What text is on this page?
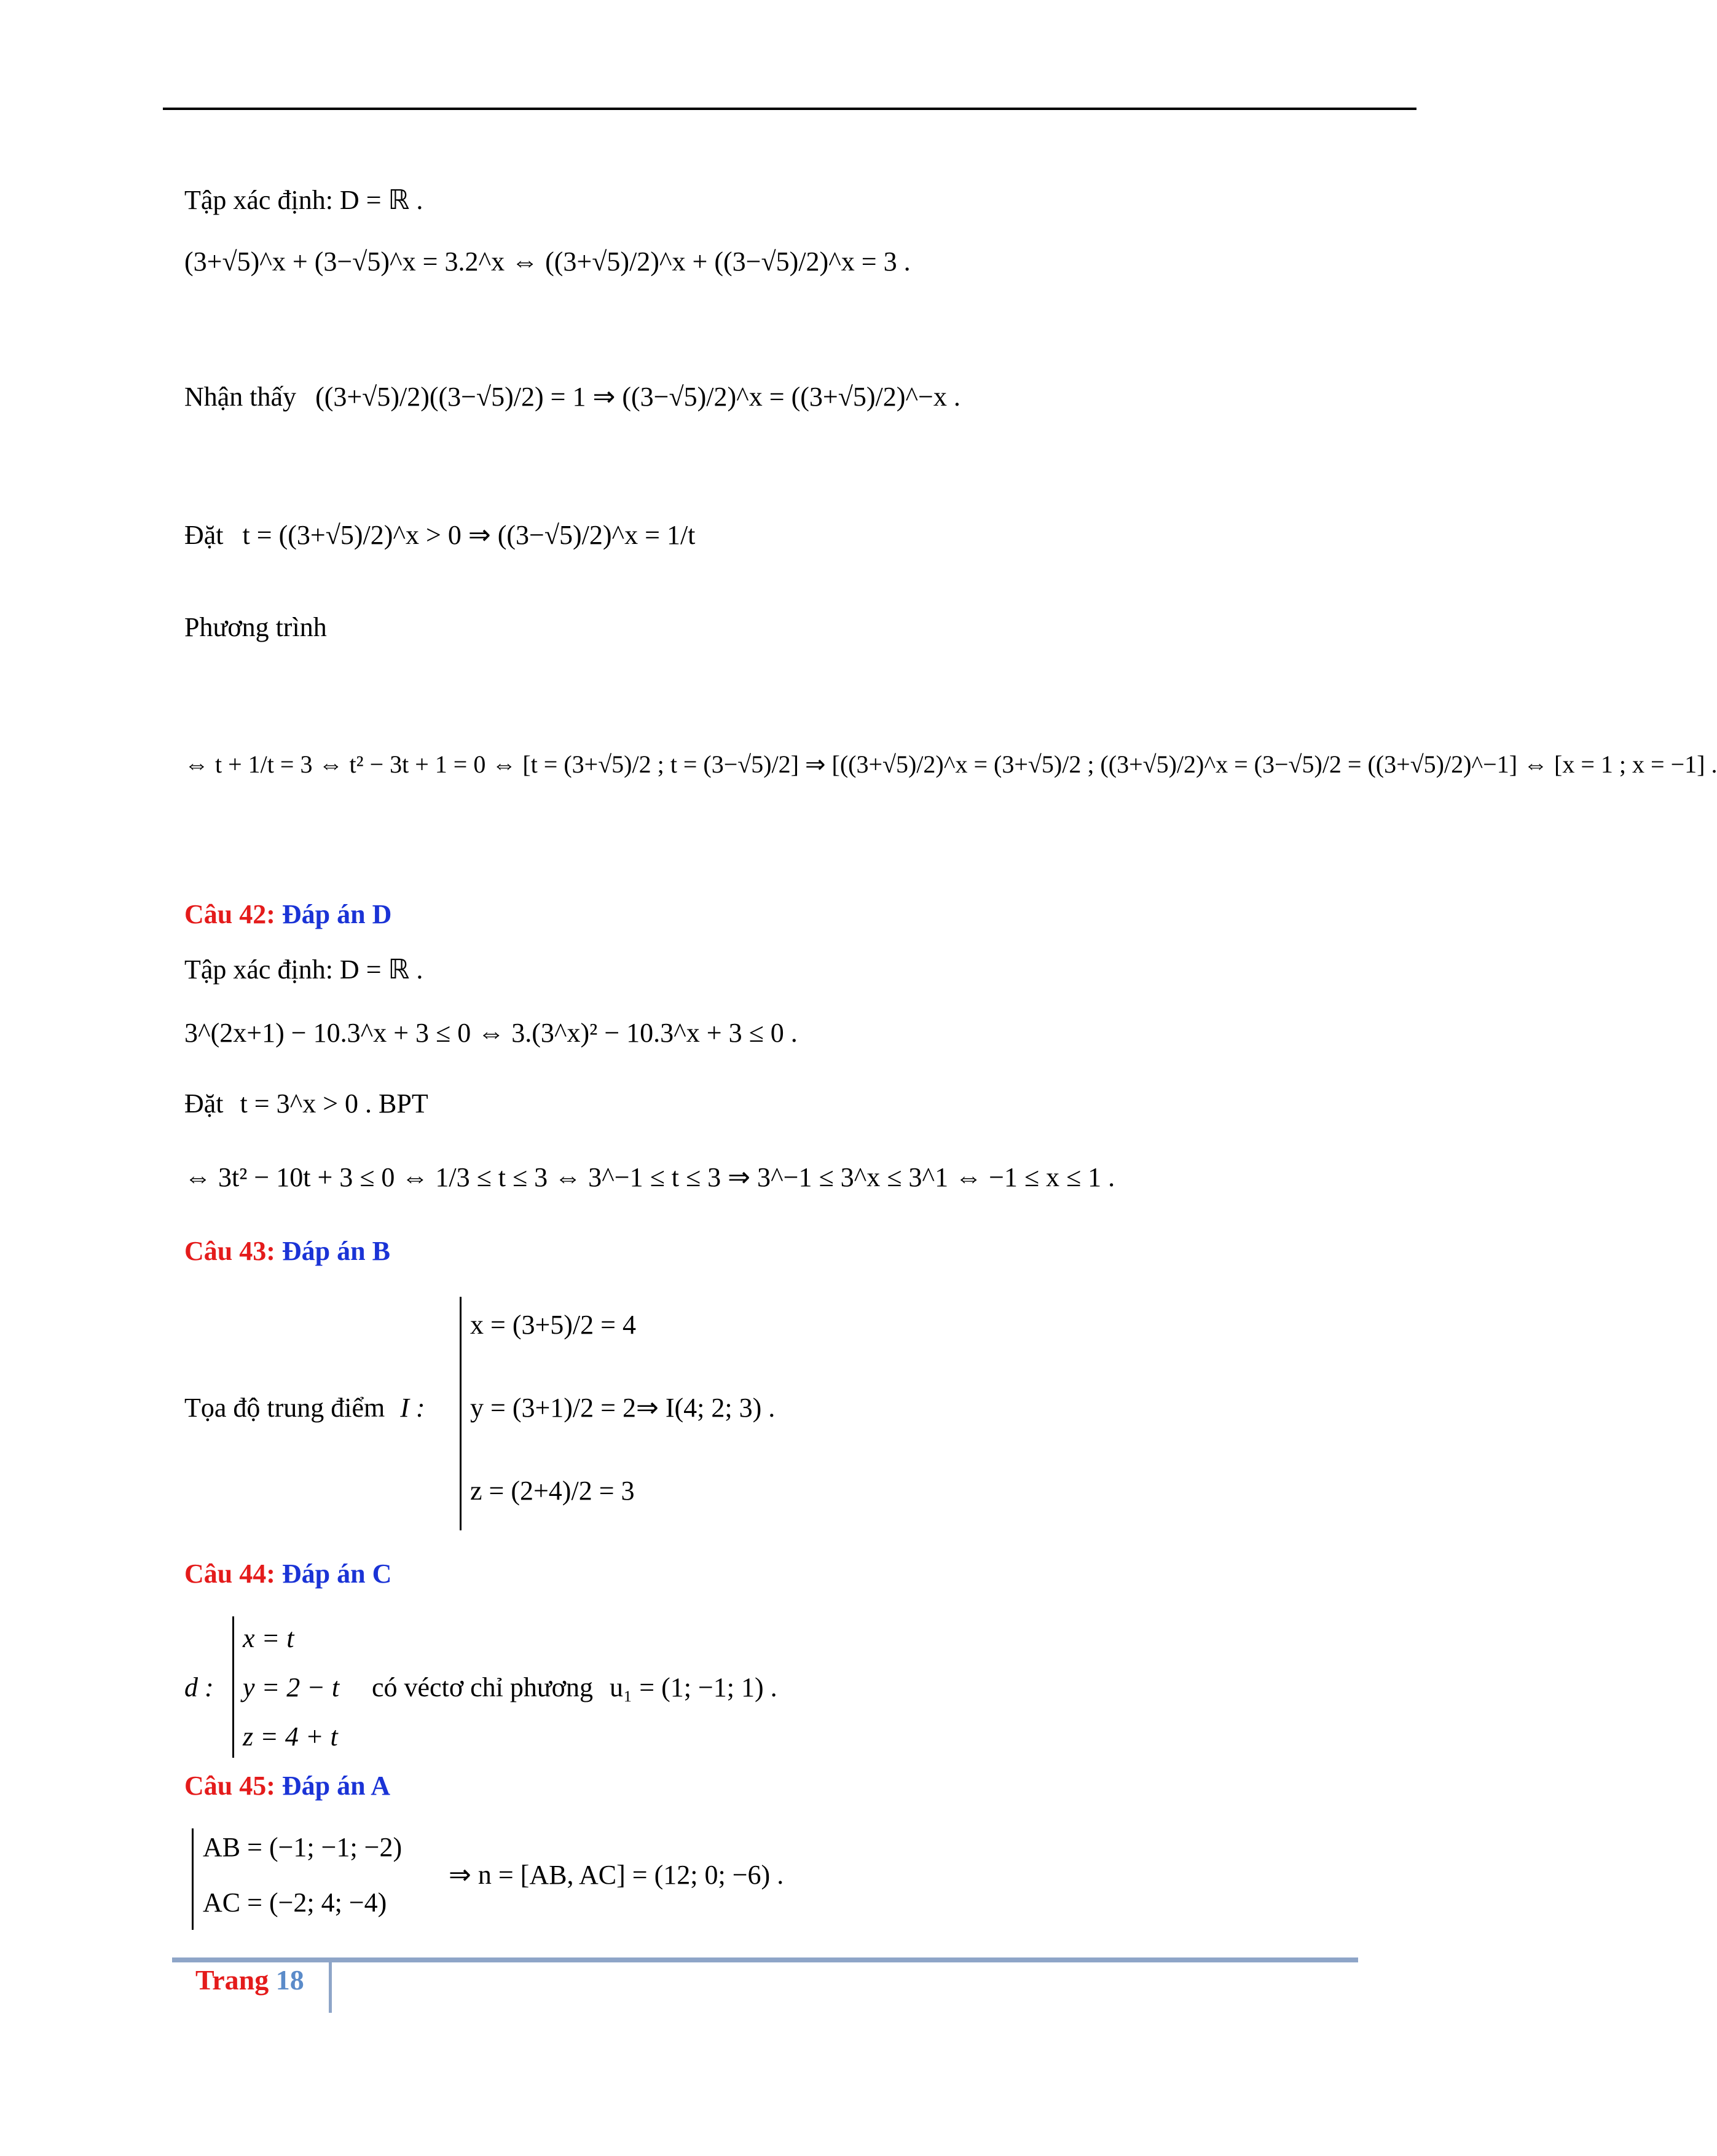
Tập xác định: D = ℝ .
(3+√5)^x + (3−√5)^x = 3.2^x ⇔ ((3+√5)/2)^x + ((3−√5)/2)^x = 3 .
Nhận thấy ((3+√5)/2)((3−√5)/2) = 1 ⇒ ((3−√5)/2)^x = ((3+√5)/2)^−x .
Đặt t = ((3+√5)/2)^x > 0 ⇒ ((3−√5)/2)^x = 1/t
Phương trình
⇔ t + 1/t = 3 ⇔ t² − 3t + 1 = 0 ⇔ [t = (3+√5)/2 ; t = (3−√5)/2] ⇒ [((3+√5)/2)^x = (3+√5)/2 ; ((3+√5)/2)^x = (3−√5)/2 = ((3+√5)/2)^−1] ⇔ [x = 1 ; x = −1] .
Câu 42: Đáp án D
Tập xác định: D = ℝ .
3^(2x+1) − 10.3^x + 3 ≤ 0 ⇔ 3.(3^x)² − 10.3^x + 3 ≤ 0 .
Đặt t = 3^x > 0 . BPT
⇔ 3t² − 10t + 3 ≤ 0 ⇔ 1/3 ≤ t ≤ 3 ⇔ 3^−1 ≤ t ≤ 3 ⇒ 3^−1 ≤ 3^x ≤ 3^1 ⇔ −1 ≤ x ≤ 1 .
Câu 43: Đáp án B
Tọa độ trung điểm I :
x = (3+5)/2 = 4
y = (3+1)/2 = 2
z = (2+4)/2 = 3
⇒ I(4; 2; 3) .
Câu 44: Đáp án C
d :
x = t
y = 2 − t
z = 4 + t
có véctơ chỉ phương u₁ = (1; −1; 1) .
Câu 45: Đáp án A
AB = (−1; −1; −2)
AC = (−2; 4; −4)
⇒ n = [AB, AC] = (12; 0; −6) .
Trang 18
